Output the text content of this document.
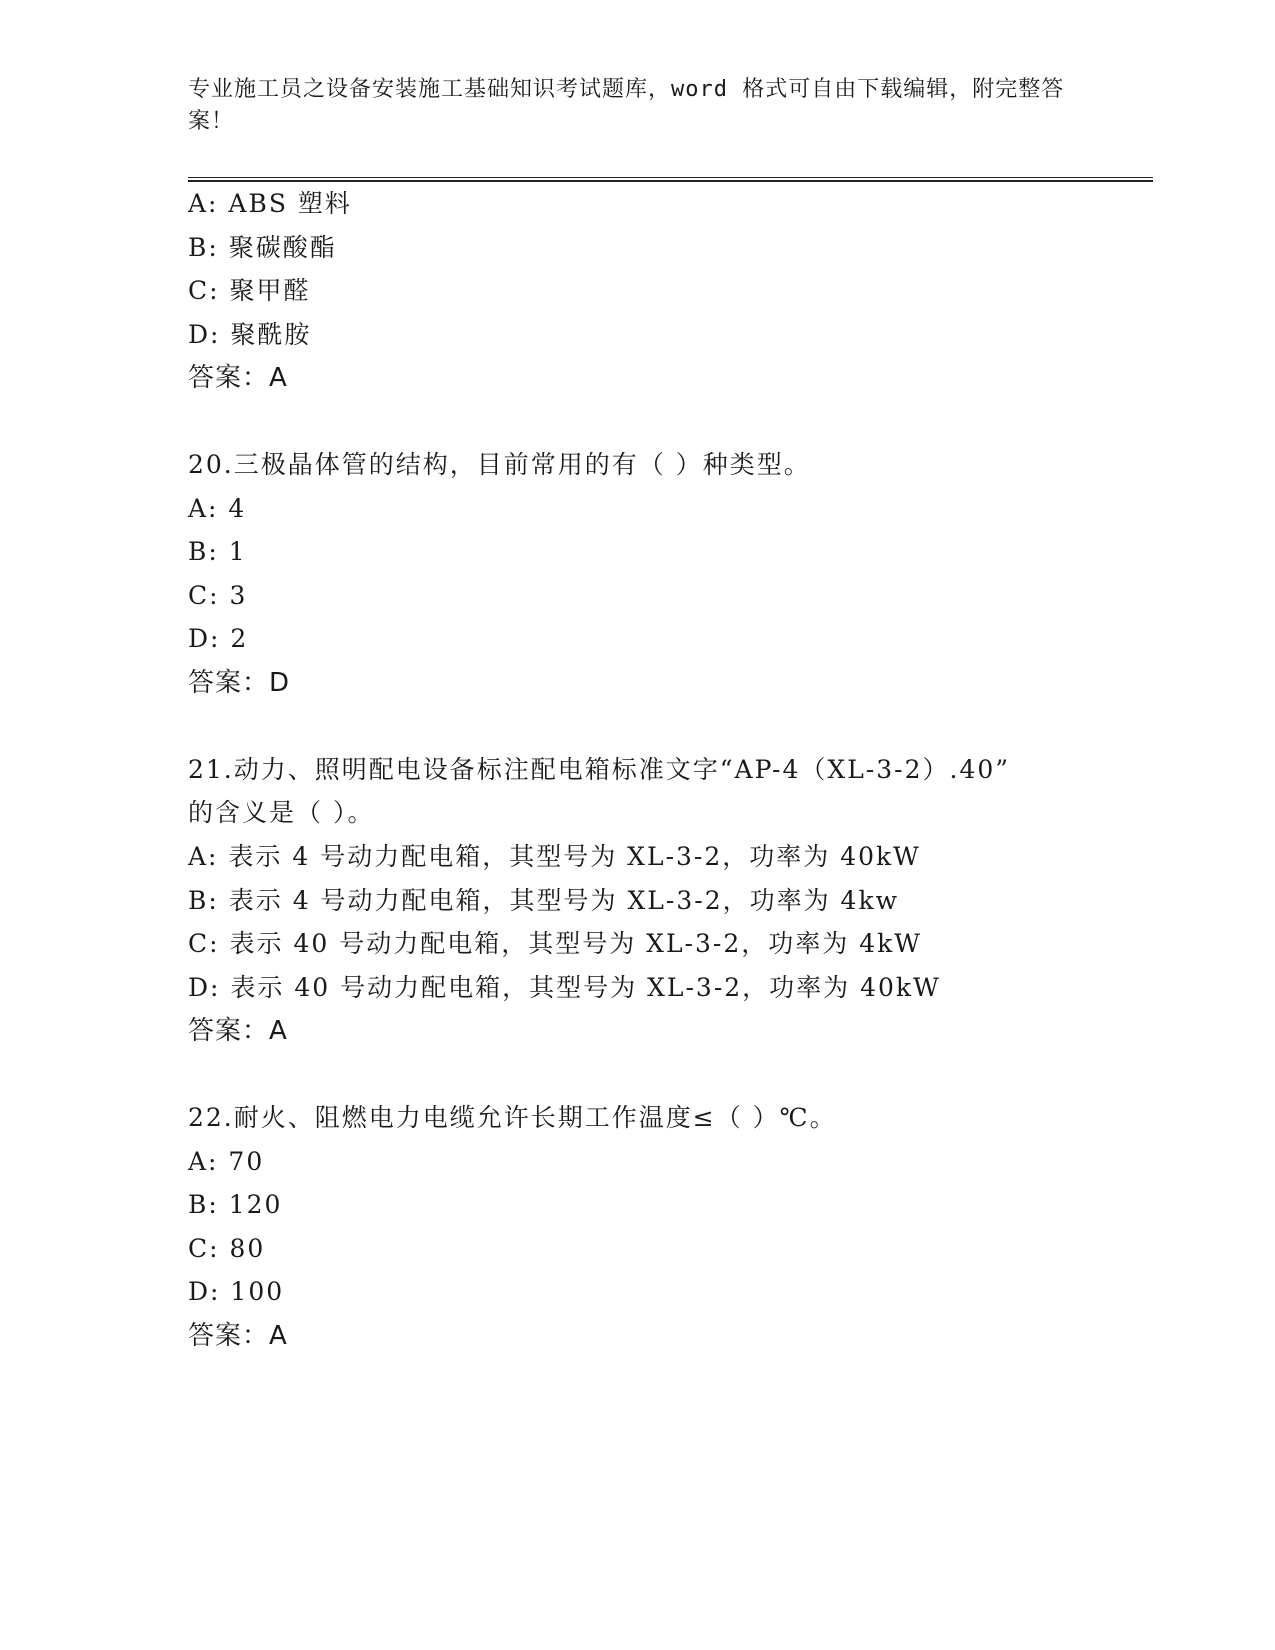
专业施工员之设备安装施工基础知识考试题库，word 格式可自由下载编辑，附完整答案！
A: ABS 塑料
B: 聚碳酸酯
C: 聚甲醛
D: 聚酰胺
答案：A
20.三极晶体管的结构，目前常用的有（ ）种类型。
A: 4
B: 1
C: 3
D: 2
答案：D
21.动力、照明配电设备标注配电箱标准文字“AP-4（XL-3-2）.40”
的含义是（ ）。
A: 表示 4 号动力配电箱，其型号为 XL-3-2，功率为 40kW
B: 表示 4 号动力配电箱，其型号为 XL-3-2，功率为 4kw
C: 表示 40 号动力配电箱，其型号为 XL-3-2，功率为 4kW
D: 表示 40 号动力配电箱，其型号为 XL-3-2，功率为 40kW
答案：A
22.耐火、阻燃电力电缆允许长期工作温度≤（ ）℃。
A: 70
B: 120
C: 80
D: 100
答案：A
